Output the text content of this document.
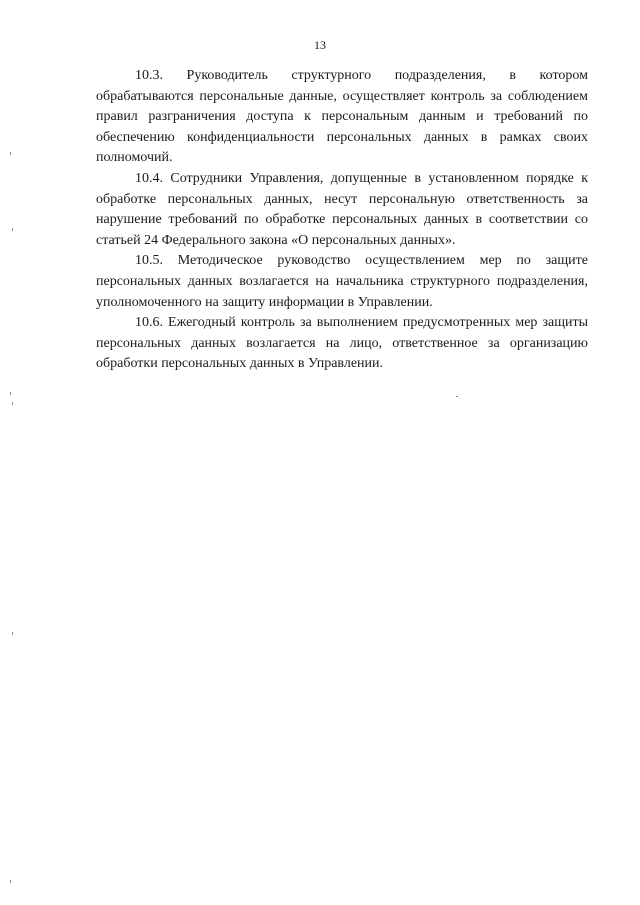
13

10.3. Руководитель структурного подразделения, в котором обрабатываются персональные данные, осуществляет контроль за соблюдением правил разграничения доступа к персональным данным и требований по обеспечению конфиденциальности персональных данных в рамках своих полномочий.

10.4. Сотрудники Управления, допущенные в установленном порядке к обработке персональных данных, несут персональную ответственность за нарушение требований по обработке персональных данных в соответствии со статьей 24 Федерального закона «О персональных данных».

10.5. Методическое руководство осуществлением мер по защите персональных данных возлагается на начальника структурного подразделения, уполномоченного на защиту информации в Управлении.

10.6. Ежегодный контроль за выполнением предусмотренных мер защиты персональных данных возлагается на лицо, ответственное за организацию обработки персональных данных в Управлении.
